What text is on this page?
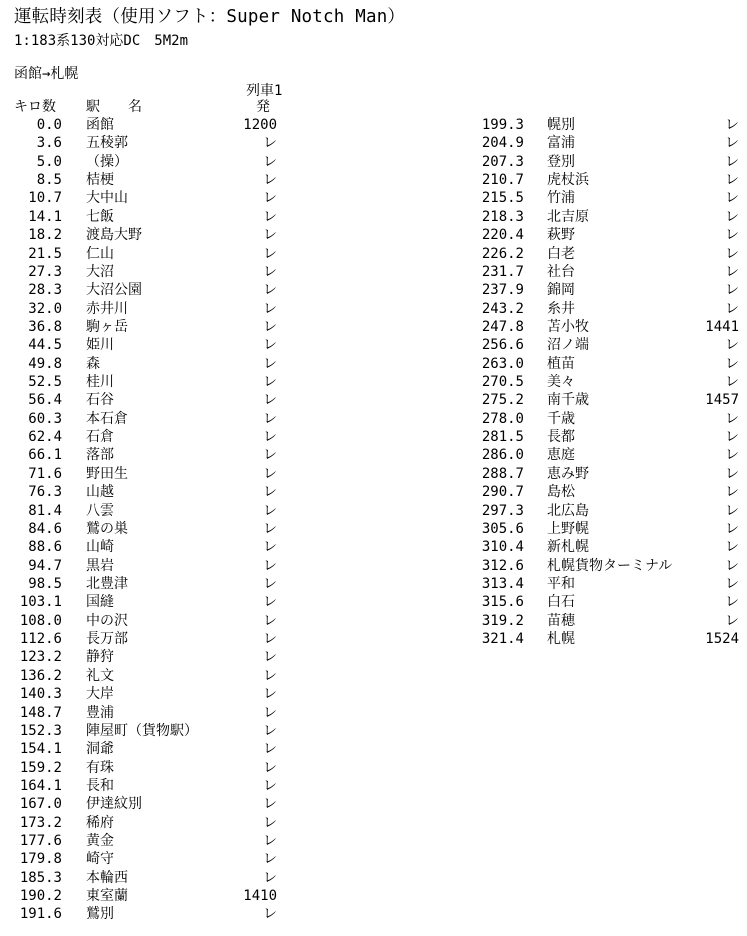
運転時刻表（使用ソフト：Super Notch Man）
1:183系130対応DC　5M2m
函館→札幌
列車1
発
キロ数 駅　　名
0.0 函館	1200
3.6 五稜郭	レ
5.0 （操）	レ
8.5 桔梗	レ
10.7 大中山	レ
14.1 七飯	レ
18.2 渡島大野	レ
21.5 仁山	レ
27.3 大沼	レ
28.3 大沼公園	レ
32.0 赤井川	レ
36.8 駒ヶ岳	レ
44.5 姫川	レ
49.8 森	レ
52.5 桂川	レ
56.4 石谷	レ
60.3 本石倉	レ
62.4 石倉	レ
66.1 落部	レ
71.6 野田生	レ
76.3 山越	レ
81.4 八雲	レ
84.6 鷲の巣	レ
88.6 山崎	レ
94.7 黒岩	レ
98.5 北豊津	レ
103.1 国縫	レ
108.0 中の沢	レ
112.6 長万部	レ
123.2 静狩	レ
136.2 礼文	レ
140.3 大岸	レ
148.7 豊浦	レ
152.3 陣屋町（貨物駅）	レ
154.1 洞爺	レ
159.2 有珠	レ
164.1 長和	レ
167.0 伊達紋別	レ
173.2 稀府	レ
177.6 黄金	レ
179.8 崎守	レ
185.3 本輪西	レ
190.2 東室蘭	1410
191.6 鷲別	レ
199.3 幌別	レ
204.9 富浦	レ
207.3 登別	レ
210.7 虎杖浜	レ
215.5 竹浦	レ
218.3 北吉原	レ
220.4 萩野	レ
226.2 白老	レ
231.7 社台	レ
237.9 錦岡	レ
243.2 糸井	レ
247.8 苫小牧	1441
256.6 沼ノ端	レ
263.0 植苗	レ
270.5 美々	レ
275.2 南千歳	1457
278.0 千歳	レ
281.5 長都	レ
286.0 恵庭	レ
288.7 恵み野	レ
290.7 島松	レ
297.3 北広島	レ
305.6 上野幌	レ
310.4 新札幌	レ
312.6 札幌貨物ターミナル	レ
313.4 平和	レ
315.6 白石	レ
319.2 苗穂	レ
321.4 札幌	1524
